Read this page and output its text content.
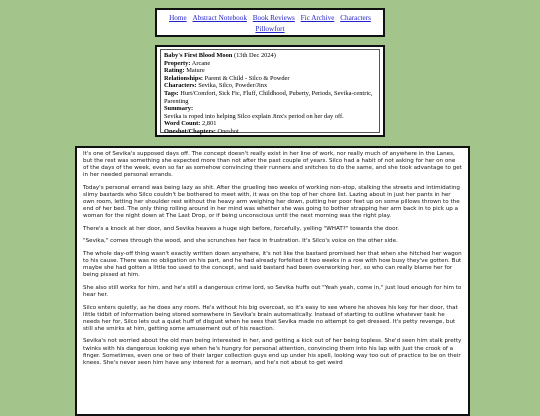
Home Abstract Notebook Book Reviews Fic Archive Characters
Pillowfort
Baby's First Blood Moon (13th Dec 2024)
Property: Arcane
Rating: Mature
Relationships: Parent & Child - Silco & Powder
Characters: Sevika, Silco, Powder/Jinx
Tags: Hurt/Comfort, Sick Fic, Fluff, Childhood, Puberty, Periods, Sevika-centric, Parenting
Summary:
Sevika is roped into helping Silco explain Jinx's period on her day off.
Word Count: 2,801
Oneshot/Chapters: Oneshot

It's one of Sevika's supposed days off. The concept doesn't really exist in her line of work, nor really much of anywhere in the Lanes, but the rest was something she expected more than not after the past couple of years. Silco had a habit of not asking for her on one of the days of the week, even so far as somehow convincing their runners and snitches to do the same, and she took advantage to get in her needed personal errands.

Today's personal errand was being lazy as shit. After the grueling two weeks of working non-stop, stalking the streets and intimidating slimy bastards who Silco couldn't be bothered to meet with, it was on the top of her chore list. Lazing about in just her pants in her own room, letting her shoulder rest without the heavy arm weighing her down, putting her poor feet up on some pillows thrown to the end of her bed. The only thing rolling around in her mind was whether she was going to bother strapping her arm back in to pick up a woman for the night down at The Last Drop, or if being unconscious until the next morning was the right play.

There's a knock at her door, and Sevika heaves a huge sigh before, forcefully, yelling "WHAT?" towards the door.

"Sevika," comes through the wood, and she scrunches her face in frustration. It's Silco's voice on the other side.

The whole day-off thing wasn't exactly written down anywhere, it's not like the bastard promised her that when she hitched her wagon to his cause. There was no obligation on his part, and he had already forfeited it two weeks in a row with how busy they've gotten. But maybe she had gotten a little too used to the concept, and said bastard had been overworking her, so who can really blame her for being pissed at him.

She also still works for him, and he's still a dangerous crime lord, so Sevika huffs out "Yeah yeah, come in," just loud enough for him to hear her.

Silco enters quietly, as he does any room. He's without his big overcoat, so it's easy to see where he shoves his key for her door, that little tidbit of information being stored somewhere in Sevika's brain automatically. Instead of starting to outline whatever task he needs her for, Silco lets out a quiet huff of disgust when he sees that Sevika made no attempt to get dressed. It's petty revenge, but still she smirks at him, getting some amusement out of his reaction.

Sevika's not worried about the old man being interested in her, and getting a kick out of her being topless. She'd seen him stalk pretty twinks with his dangerous looking eye when he's hungry for personal attention, convincing them into his lap with just the crook of a finger. Sometimes, even one or two of their larger collection guys end up under his spell, looking way too out of practice to be on their knees. She's never seen him have any interest for a woman, and he's not about to get weird
